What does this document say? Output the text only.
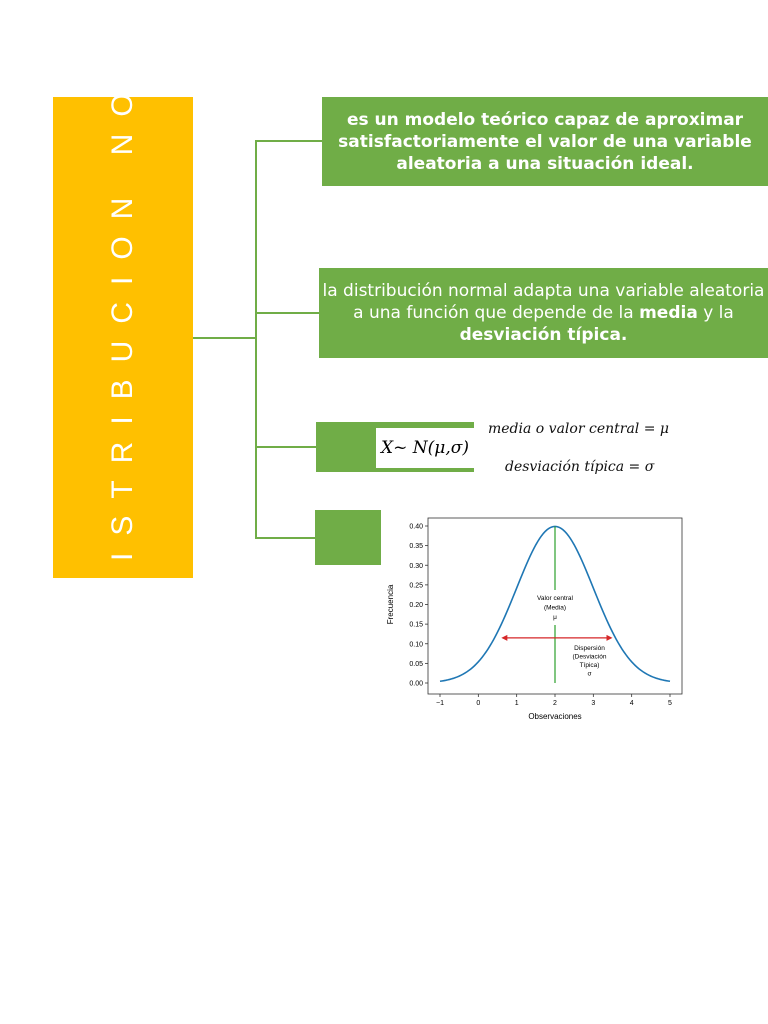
DISTRIBUCION NO	es un modelo teórico capaz de aproximar satisfactoriamente el valor de una variable aleatoria a una situación ideal.
la distribución normal adapta una variable aleatoria a una función que depende de la media y la desviación típica.
X~ N(μ,σ)
media o valor central = μ
desviación típica = σ
−1	0	1	2	3	4	5
0.00
0.05
0.10
0.15
0.20
0.25
0.30
0.35
0.40
Valor central
(Media)
μ
Dispersión
(Desviación
Típica)
σ
Observaciones
Frecuencia
